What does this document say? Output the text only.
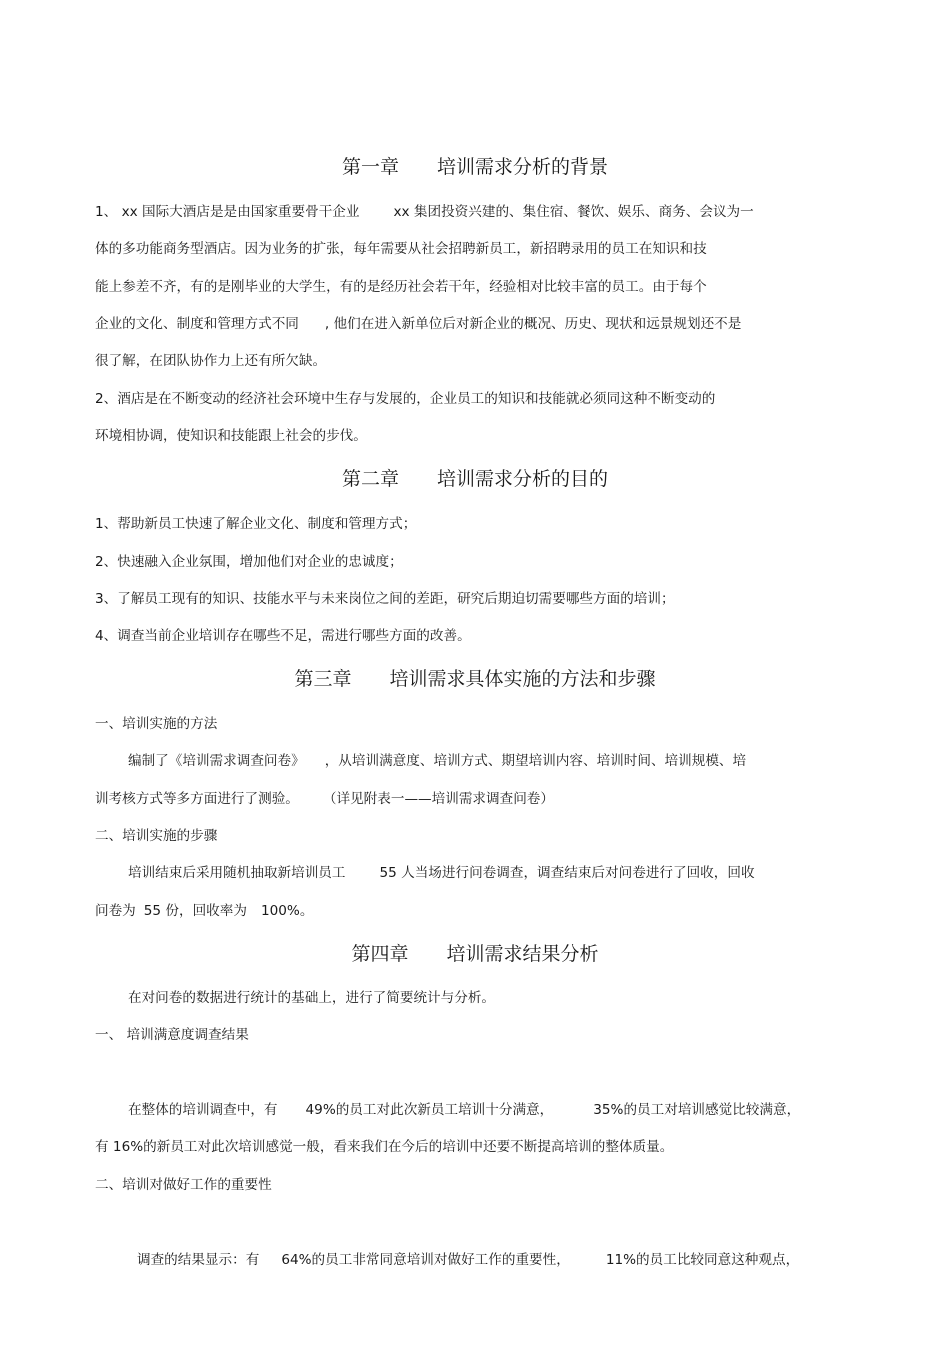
第一章 培训需求分析的背景
1、 xx 国际大酒店是是由国家重要骨干企业	xx 集团投资兴建的、集住宿、餐饮、娱乐、商务、会议为一
体的多功能商务型酒店。因为业务的扩张，每年需要从社会招聘新员工，新招聘录用的员工在知识和技
能上参差不齐，有的是刚毕业的大学生，有的是经历社会若干年，经验相对比较丰富的员工。由于每个
企业的文化、制度和管理方式不同 , 他们在进入新单位后对新企业的概况、历史、现状和远景规划还不是
很了解，在团队协作力上还有所欠缺。
2、酒店是在不断变动的经济社会环境中生存与发展的，企业员工的知识和技能就必须同这种不断变动的
环境相协调，使知识和技能跟上社会的步伐。
第二章 培训需求分析的目的
1、帮助新员工快速了解企业文化、制度和管理方式；
2、快速融入企业氛围，增加他们对企业的忠诚度；
3、了解员工现有的知识、技能水平与未来岗位之间的差距，研究后期迫切需要哪些方面的培训；
4、调查当前企业培训存在哪些不足，需进行哪些方面的改善。
第三章 培训需求具体实施的方法和步骤
一、培训实施的方法
编制了《培训需求调查问卷》 ，从培训满意度、培训方式、期望培训内容、培训时间、培训规模、培
训考核方式等多方面进行了测验。 （详见附表一——培训需求调查问卷）
二、培训实施的步骤
培训结束后采用随机抽取新培训员工	55 人当场进行问卷调查，调查结束后对问卷进行了回收，回收
问卷为 55 份，回收率为 100%。
第四章 培训需求结果分析
在对问卷的数据进行统计的基础上，进行了简要统计与分析。
一、 培训满意度调查结果
在整体的培训调查中，有 49%的员工对此次新员工培训十分满意，	35%的员工对培训感觉比较满意，
有 16%的新员工对此次培训感觉一般，看来我们在今后的培训中还要不断提高培训的整体质量。
二、培训对做好工作的重要性
调查的结果显示：有 64%的员工非常同意培训对做好工作的重要性，	11%的员工比较同意这种观点，
